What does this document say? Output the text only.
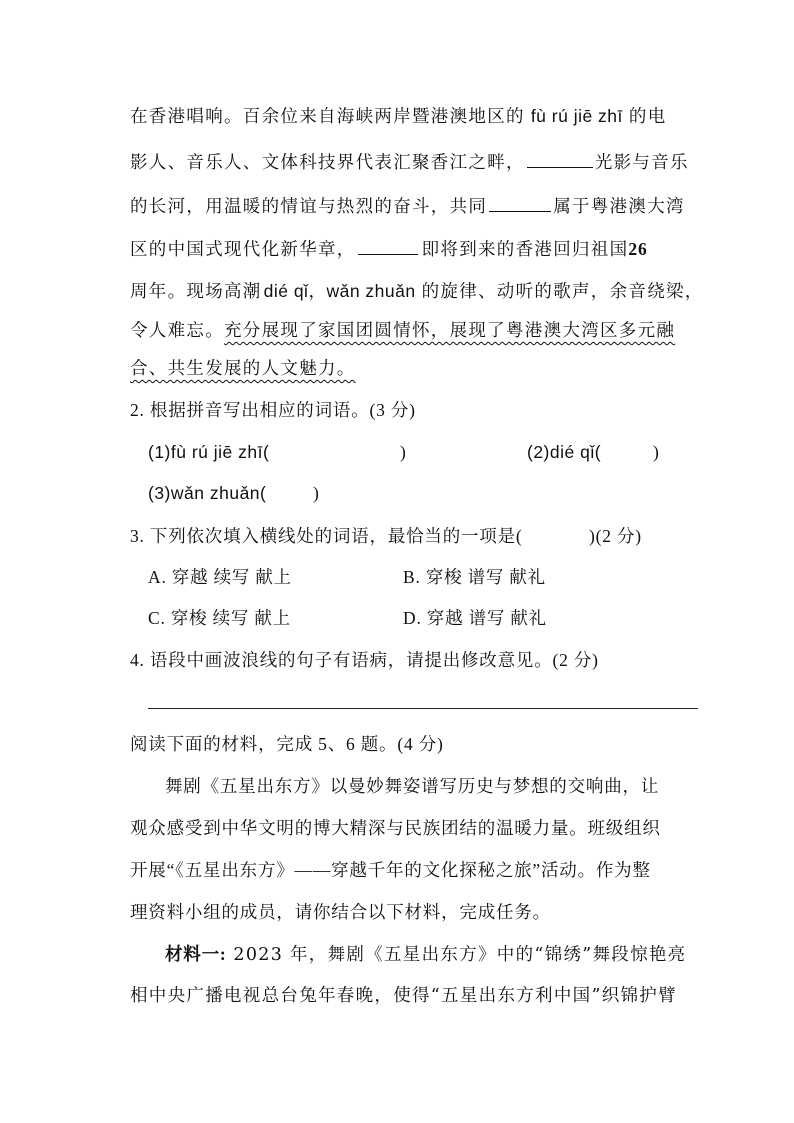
在香港唱响。百余位来自海峡两岸暨港澳地区的 fù rú jiē zhī 的电
影人、音乐人、文体科技界代表汇聚香江之畔，	光影与音乐
的长河，用温暖的情谊与热烈的奋斗，共同	属于粤港澳大湾
区的中国式现代化新华章，	即将到来的香港回归祖国26
周年。现场高潮 dié qǐ，wǎn zhuǎn 的旋律、动听的歌声，余音绕梁，
令人难忘。充分展现了家国团圆情怀，展现了粤港澳大湾区多元融
合、共生发展的人文魅力。
2. 根据拼音写出相应的词语。(3 分)
(1)fù rú jiē zhī(	)	(2)dié qǐ(	)
(3)wǎn zhuǎn(	)
3. 下列依次填入横线处的词语，最恰当的一项是(	)(2 分)
A. 穿越 续写 献上	B. 穿梭 谱写 献礼
C. 穿梭 续写 献上	D. 穿越 谱写 献礼
4. 语段中画波浪线的句子有语病，请提出修改意见。(2 分)
阅读下面的材料，完成 5、6 题。(4 分)
舞剧《五星出东方》以曼妙舞姿谱写历史与梦想的交响曲，让
观众感受到中华文明的博大精深与民族团结的温暖力量。班级组织
开展“《五星出东方》——穿越千年的文化探秘之旅”活动。作为整
理资料小组的成员，请你结合以下材料，完成任务。
材料一: 2023 年，舞剧《五星出东方》中的“锦绣”舞段惊艳亮
相中央广播电视总台兔年春晚，使得“五星出东方利中国”织锦护臂
